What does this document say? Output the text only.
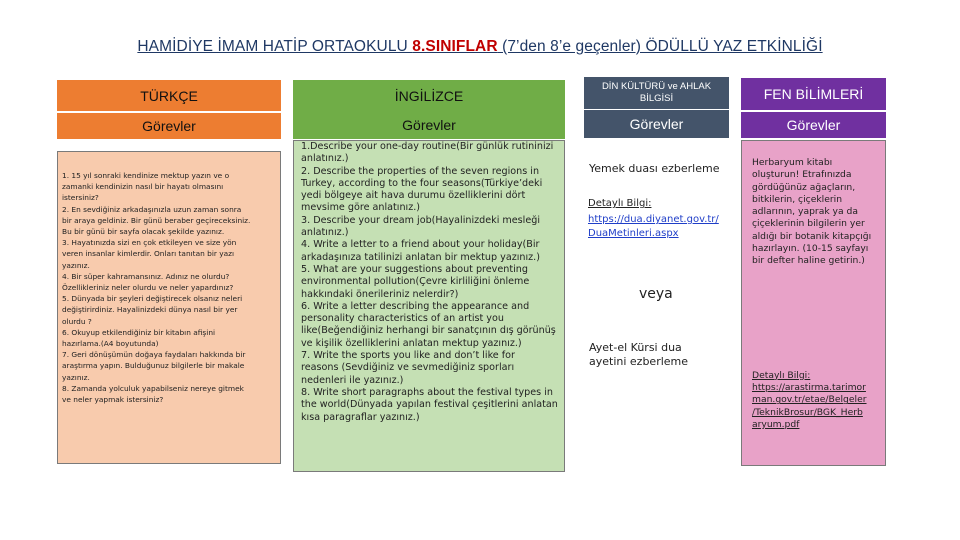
HAMİDİYE İMAM HATİP ORTAOKULU 8.SINIFLAR (7’den 8’e geçenler) ÖDÜLLÜ YAZ ETKİNLİĞİ
TÜRKÇE
Görevler
1. 15 yıl sonraki kendinize mektup yazın ve o
zamanki kendinizin nasıl bir hayatı olmasını
istersiniz?
2. En sevdiğiniz arkadaşınızla uzun zaman sonra
bir araya geldiniz. Bir günü beraber geçireceksiniz.
Bu bir günü bir sayfa olacak şekilde yazınız.
3. Hayatınızda sizi en çok etkileyen ve size yön
veren insanlar kimlerdir. Onları tanıtan bir yazı
yazınız.
4. Bir süper kahramansınız. Adınız ne olurdu?
Özellikleriniz neler olurdu ve neler yapardınız?
5. Dünyada bir şeyleri değiştirecek olsanız neleri
değiştirirdiniz. Hayalinizdeki dünya nasıl bir yer
olurdu ?
6. Okuyup etkilendiğiniz bir kitabın afişini
hazırlama.(A4 boyutunda)
7. Geri dönüşümün doğaya faydaları hakkında bir
araştırma yapın. Bulduğunuz bilgilerle bir makale
yazınız.
8. Zamanda yolculuk yapabilseniz nereye gitmek
ve neler yapmak istersiniz?
İNGİLİZCE
Görevler
1.Describe your one-day routine(Bir günlük rutininizi
anlatınız.)
2. Describe the properties of the seven regions in
Turkey, according to the four seasons(Türkiye’deki
yedi bölgeye ait hava durumu özelliklerini dört
mevsime göre anlatınız.)
3. Describe your dream job(Hayalinizdeki mesleği
anlatınız.)
4. Write a letter to a friend about your holiday(Bir
arkadaşınıza tatilinizi anlatan bir mektup yazınız.)
5. What are your suggestions about preventing
environmental pollution(Çevre kirliliğini önleme
hakkındaki önerileriniz nelerdir?)
6. Write a letter describing the appearance and
personality characteristics of an artist you
like(Beğendiğiniz herhangi bir sanatçının dış görünüş
ve kişilik özelliklerini anlatan mektup yazınız.)
7. Write the sports you like and don’t like for
reasons (Sevdiğiniz ve sevmediğiniz sporları
nedenleri ile yazınız.)
8. Write short paragraphs about the festival types in
the world(Dünyada yapılan festival çeşitlerini anlatan
kısa paragraflar yazınız.)
DİN KÜLTÜRÜ ve AHLAK
BİLGİSİ
Görevler
Yemek duası ezberleme
Detaylı Bilgi:
https://dua.diyanet.gov.tr/
DuaMetinleri.aspx
veya
Ayet-el Kürsi dua
ayetini ezberleme
FEN BİLİMLERİ
Görevler
Herbaryum kitabı
oluşturun! Etrafınızda
gördüğünüz ağaçların,
bitkilerin, çiçeklerin
adlarının, yaprak ya da
çiçeklerinin bilgilerin yer
aldığı bir botanik kitapçığı
hazırlayın. (10-15 sayfayı
bir defter haline getirin.)
Detaylı Bilgi:
https://arastirma.tarimor
man.gov.tr/etae/Belgeler
/TeknikBrosur/BGK_Herb
aryum.pdf
